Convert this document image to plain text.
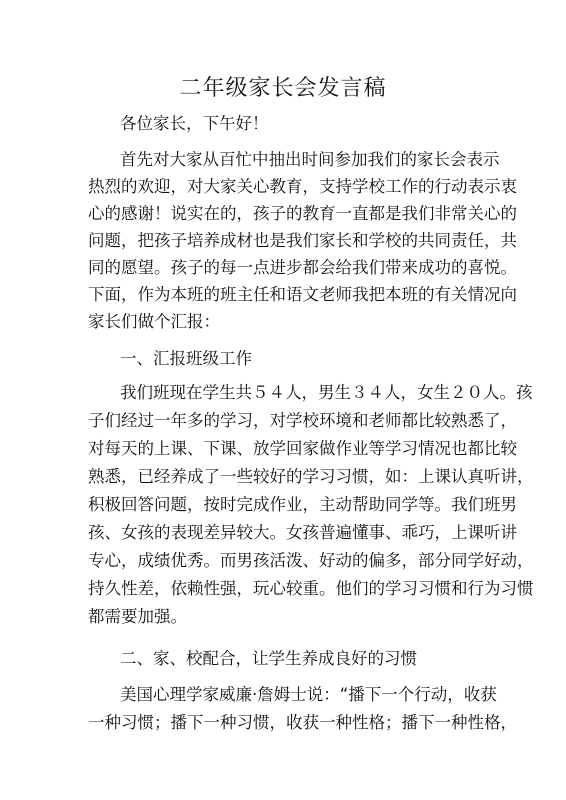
二年级家长会发言稿
各位家长，下午好！
首先对大家从百忙中抽出时间参加我们的家长会表示
热烈的欢迎，对大家关心教育，支持学校工作的行动表示衷
心的感谢！说实在的，孩子的教育一直都是我们非常关心的
问题，把孩子培养成材也是我们家长和学校的共同责任，共
同的愿望。孩子的每一点进步都会给我们带来成功的喜悦。
下面，作为本班的班主任和语文老师我把本班的有关情况向
家长们做个汇报：
一、汇报班级工作
我们班现在学生共５４人，男生３４人，女生２０人。孩
子们经过一年多的学习，对学校环境和老师都比较熟悉了，
对每天的上课、下课、放学回家做作业等学习情况也都比较
熟悉，已经养成了一些较好的学习习惯，如：上课认真听讲，
积极回答问题，按时完成作业，主动帮助同学等。我们班男
孩、女孩的表现差异较大。女孩普遍懂事、乖巧，上课听讲
专心，成绩优秀。而男孩活泼、好动的偏多，部分同学好动，
持久性差，依赖性强，玩心较重。他们的学习习惯和行为习惯
都需要加强。
二、家、校配合，让学生养成良好的习惯
美国心理学家威廉·詹姆士说：“播下一个行动，收获
一种习惯；播下一种习惯，收获一种性格；播下一种性格，
